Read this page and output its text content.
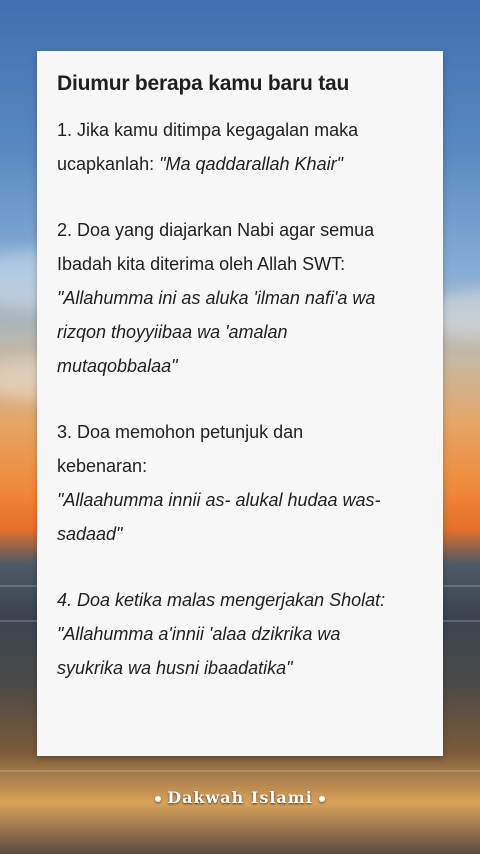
Diumur berapa kamu baru tau
1. Jika kamu ditimpa kegagalan maka
ucapkanlah: "Ma qaddarallah Khair"
2. Doa yang diajarkan Nabi agar semua
Ibadah kita diterima oleh Allah SWT:
"Allahumma ini as aluka 'ilman nafi'a wa
rizqon thoyyiibaa wa 'amalan
mutaqobbalaa"
3. Doa memohon petunjuk dan
kebenaran:
"Allaahumma innii as- alukal hudaa was-
sadaad"
4. Doa ketika malas mengerjakan Sholat:
"Allahumma a'innii 'alaa dzikrika wa
syukrika wa husni ibaadatika"
Dakwah Islami
